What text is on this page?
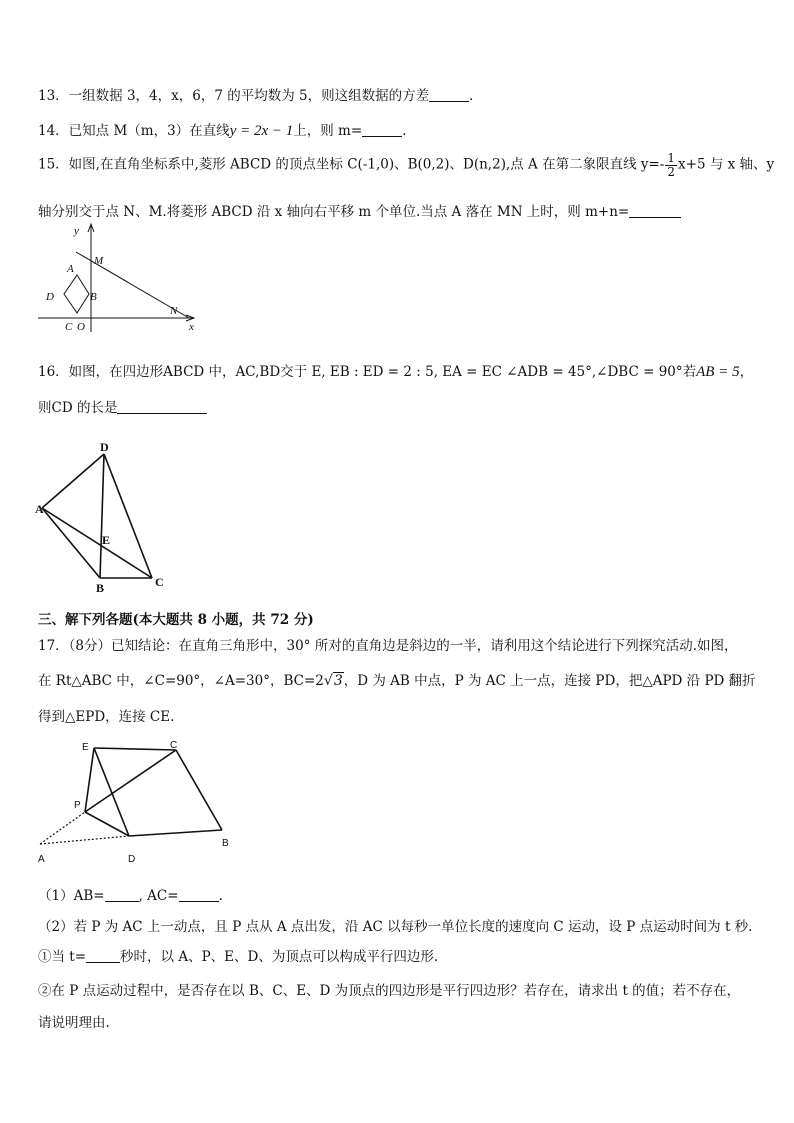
13．一组数据 3，4，x，6，7 的平均数为 5，则这组数据的方差	．
14．已知点 M（m，3）在直线y = 2x − 1上，则 m=	.
15．如图,在直角坐标系中,菱形 ABCD 的顶点坐标 C(-1,0)、B(0,2)、D(n,2),点 A 在第二象限直线 $y=- \frac{1}{2} x+5$ 与 x 轴、y
轴分别交于点 N、M.将菱形 ABCD 沿 x 轴向右平移 m 个单位.当点 A 落在 MN 上时，则 m+n=
y
M
A
D	B
C O
N
x
16．如图，在四边形ABCD 中，AC,BD交于 E, EB : ED = 2 : 5, EA = EC ∠ADB = 45°,∠DBC = 90°若AB = 5，
则CD 的长是
D
A
E
B	C
三、解下列各题(本大题共 8 小题，共 72 分)
17．（8分）已知结论：在直角三角形中，30° 所对的直角边是斜边的一半，请利用这个结论进行下列探究活动.如图，
在 Rt△ABC 中，∠C=90°，∠A=30°，BC=2√3，D 为 AB 中点，P 为 AC 上一点，连接 PD，把△APD 沿 PD 翻折
得到△EPD，连接 CE.
E	C
P
A	D
B
（1）AB=	, AC=	.
（2）若 P 为 AC 上一动点，且 P 点从 A 点出发，沿 AC 以每秒一单位长度的速度向 C 运动，设 P 点运动时间为 t 秒.
①当 t=	秒时，以 A、P、E、D、为顶点可以构成平行四边形.
②在 P 点运动过程中，是否存在以 B、C、E、D 为顶点的四边形是平行四边形？若存在，请求出 t 的值；若不存在，
请说明理由.
